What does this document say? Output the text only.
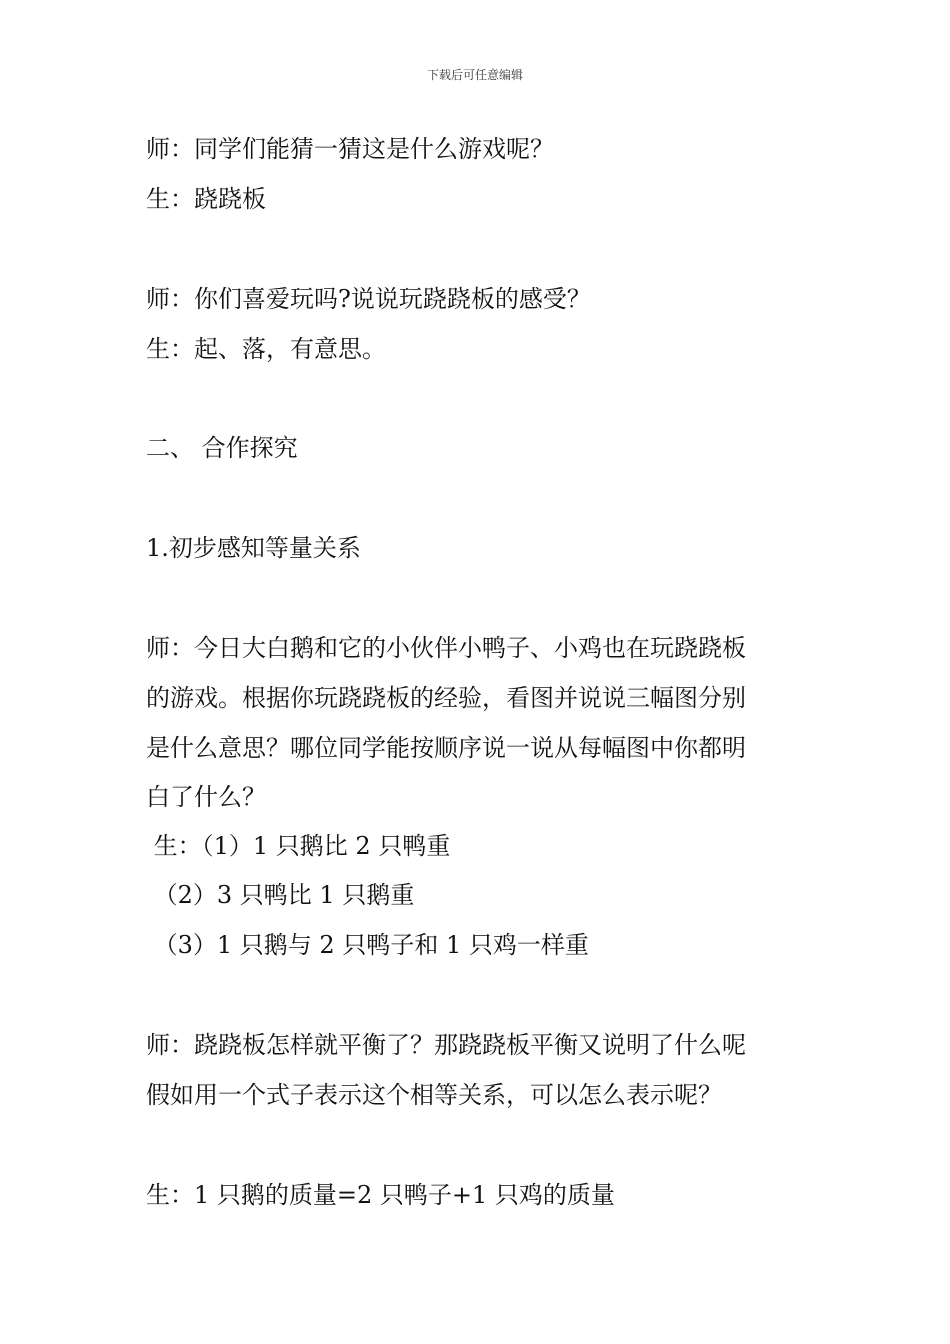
下载后可任意编辑
师：同学们能猜一猜这是什么游戏呢？
生：跷跷板
师：你们喜爱玩吗?说说玩跷跷板的感受？
生：起、落，有意思。
二、 合作探究
1.初步感知等量关系
师：今日大白鹅和它的小伙伴小鸭子、小鸡也在玩跷跷板
的游戏。根据你玩跷跷板的经验，看图并说说三幅图分别
是什么意思？哪位同学能按顺序说一说从每幅图中你都明
白了什么？
生：（1）1 只鹅比 2 只鸭重
（2）3 只鸭比 1 只鹅重
（3）1 只鹅与 2 只鸭子和 1 只鸡一样重
师：跷跷板怎样就平衡了？那跷跷板平衡又说明了什么呢
假如用一个式子表示这个相等关系，可以怎么表示呢？
生：1 只鹅的质量=2 只鸭子+1 只鸡的质量
